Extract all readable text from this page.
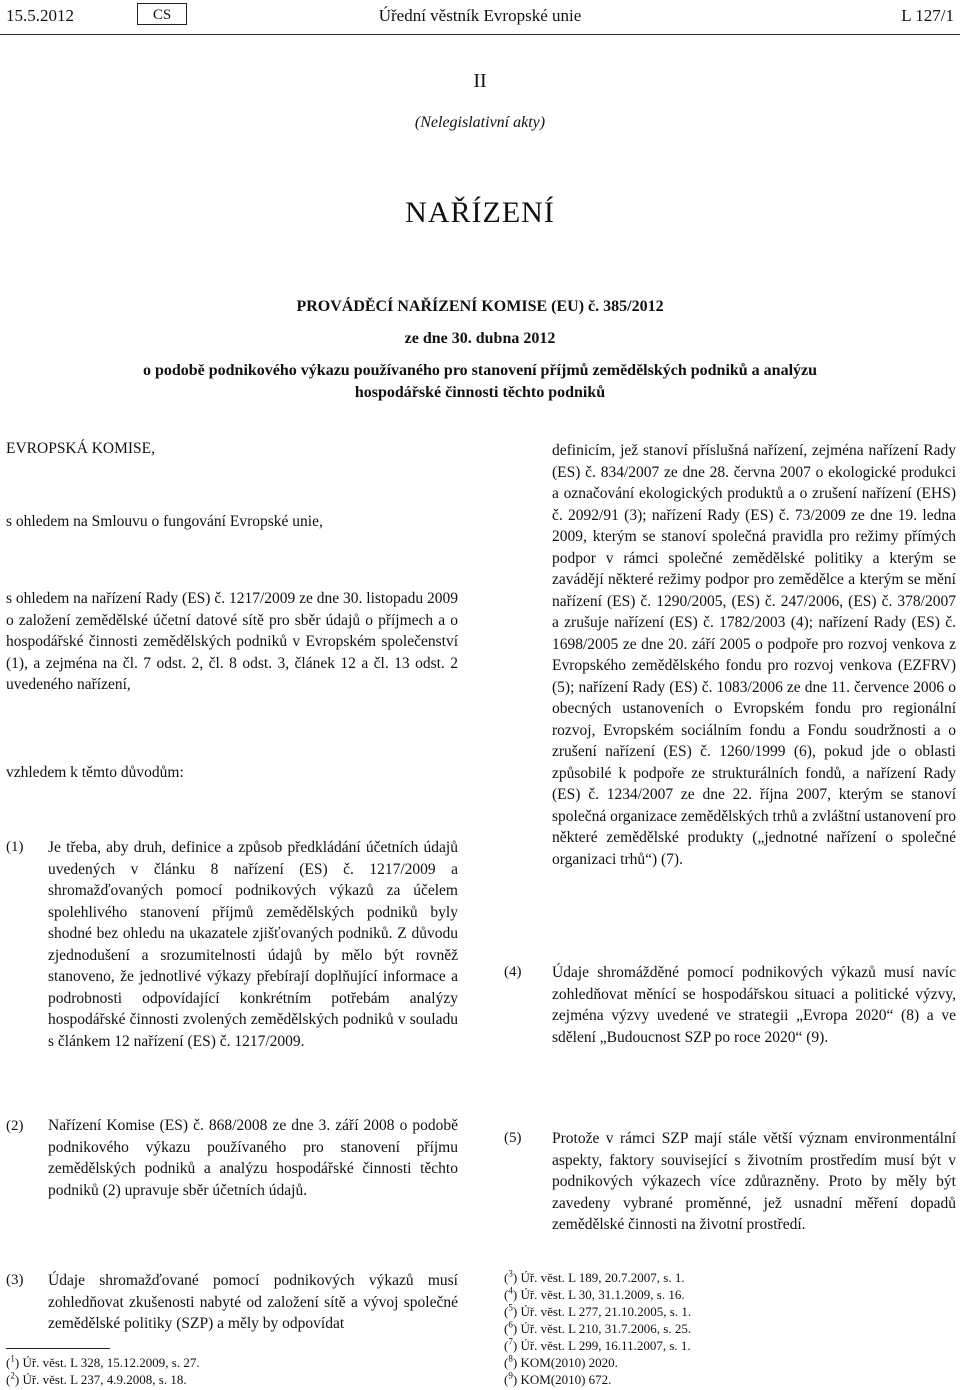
15.5.2012	CS	Úřední věstník Evropské unie	L 127/1
II
(Nelegislativní akty)
NAŘÍZENÍ
PROVÁDĚCÍ NAŘÍZENÍ KOMISE (EU) č. 385/2012
ze dne 30. dubna 2012
o podobě podnikového výkazu používaného pro stanovení příjmů zemědělských podniků a analýzu
hospodářské činnosti těchto podniků

EVROPSKÁ KOMISE,

s ohledem na Smlouvu o fungování Evropské unie,

s ohledem na nařízení Rady (ES) č. 1217/2009 ze dne 30. listopadu 2009 o založení zemědělské účetní datové sítě pro sběr údajů o příjmech a o hospodářské činnosti zemědělských podniků v Evropském společenství (1), a zejména na čl. 7 odst. 2, čl. 8 odst. 3, článek 12 a čl. 13 odst. 2 uvedeného nařízení,

vzhledem k těmto důvodům:

(1) Je třeba, aby druh, definice a způsob předkládání účetních údajů uvedených v článku 8 nařízení (ES) č. 1217/2009 a shromažďovaných pomocí podnikových výkazů za účelem spolehlivého stanovení příjmů zemědělských podniků byly shodné bez ohledu na ukazatele zjišťovaných podniků. Z důvodu zjednodušení a srozumitelnosti údajů by mělo být rovněž stanoveno, že jednotlivé výkazy přebírají doplňující informace a podrobnosti odpovídající konkrétním potřebám analýzy hospodářské činnosti zvolených zemědělských podniků v souladu s článkem 12 nařízení (ES) č. 1217/2009.

(2) Nařízení Komise (ES) č. 868/2008 ze dne 3. září 2008 o podobě podnikového výkazu používaného pro stanovení příjmu zemědělských podniků a analýzu hospodářské činnosti těchto podniků (2) upravuje sběr účetních údajů.

(3) Údaje shromažďované pomocí podnikových výkazů musí zohledňovat zkušenosti nabyté od založení sítě a vývoj společné zemědělské politiky (SZP) a měly by odpovídat

definicím, jež stanoví příslušná nařízení, zejména nařízení Rady (ES) č. 834/2007 ze dne 28. června 2007 o ekologické produkci a označování ekologických produktů a o zrušení nařízení (EHS) č. 2092/91 (3); nařízení Rady (ES) č. 73/2009 ze dne 19. ledna 2009, kterým se stanoví společná pravidla pro režimy přímých podpor v rámci společné zemědělské politiky a kterým se zavádějí některé režimy podpor pro zemědělce a kterým se mění nařízení (ES) č. 1290/2005, (ES) č. 247/2006, (ES) č. 378/2007 a zrušuje nařízení (ES) č. 1782/2003 (4); nařízení Rady (ES) č. 1698/2005 ze dne 20. září 2005 o podpoře pro rozvoj venkova z Evropského zemědělského fondu pro rozvoj venkova (EZFRV) (5); nařízení Rady (ES) č. 1083/2006 ze dne 11. července 2006 o obecných ustanoveních o Evropském fondu pro regionální rozvoj, Evropském sociálním fondu a Fondu soudržnosti a o zrušení nařízení (ES) č. 1260/1999 (6), pokud jde o oblasti způsobilé k podpoře ze strukturálních fondů, a nařízení Rady (ES) č. 1234/2007 ze dne 22. října 2007, kterým se stanoví společná organizace zemědělských trhů a zvláštní ustanovení pro některé zemědělské produkty („jednotné nařízení o společné organizaci trhů“) (7).

(4) Údaje shromážděné pomocí podnikových výkazů musí navíc zohledňovat měnící se hospodářskou situaci a politické výzvy, zejména výzvy uvedené ve strategii „Evropa 2020“ (8) a ve sdělení „Budoucnost SZP po roce 2020“ (9).

(5) Protože v rámci SZP mají stále větší význam environmentální aspekty, faktory související s životním prostředím musí být v podnikových výkazech více zdůrazněny. Proto by měly být zavedeny vybrané proměnné, jež usnadní měření dopadů zemědělské činnosti na životní prostředí.

($^1$) Úř. věst. L 328, 15.12.2009, s. 27.
($^2$) Úř. věst. L 237, 4.9.2008, s. 18.
($^3$) Úř. věst. L 189, 20.7.2007, s. 1.
($^4$) Úř. věst. L 30, 31.1.2009, s. 16.
($^5$) Úř. věst. L 277, 21.10.2005, s. 1.
($^6$) Úř. věst. L 210, 31.7.2006, s. 25.
($^7$) Úř. věst. L 299, 16.11.2007, s. 1.
($^8$) KOM(2010) 2020.
($^9$) KOM(2010) 672.
